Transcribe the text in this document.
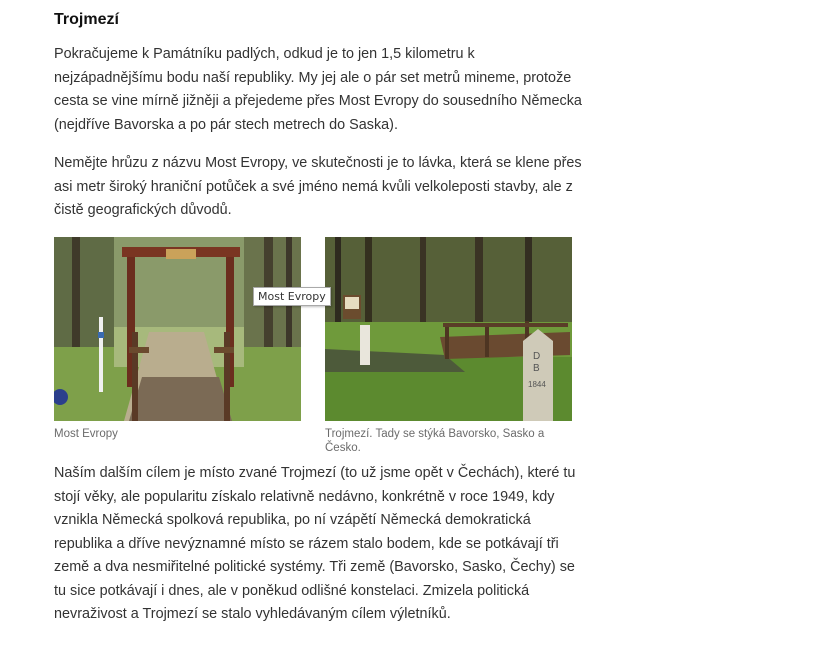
Trojmezí

Pokračujeme k Památníku padlých, odkud je to jen 1,5 kilometru k nejzápadnějšímu bodu naší republiky. My jej ale o pár set metrů mineme, protože cesta se vine mírně jižněji a přejedeme přes Most Evropy do sousedního Německa (nejdříve Bavorska a po pár stech metrech do Saska).

Nemějte hrůzu z názvu Most Evropy, ve skutečnosti je to lávka, která se klene přes asi metr široký hraniční potůček a své jméno nemá kvůli velkoleposti stavby, ale z čistě geografických důvodů.

Most Evropy
D
B
1844
Trojmezí. Tady se stýká Bavorsko, Sasko a Česko.

Naším dalším cílem je místo zvané Trojmezí (to už jsme opět v Čechách), které tu stojí věky, ale popularitu získalo relativně nedávno, konkrétně v roce 1949, kdy vznikla Německá spolková republika, po ní vzápětí Německá demokratická republika a dříve nevýznamné místo se rázem stalo bodem, kde se potkávají tři země a dva nesmiřitelné politické systémy. Tři země (Bavorsko, Sasko, Čechy) se tu sice potkávají i dnes, ale v poněkud odlišné konstelaci. Zmizela politická nevraživost a Trojmezí se stalo vyhledávaným cílem výletníků.

Most Evropy
